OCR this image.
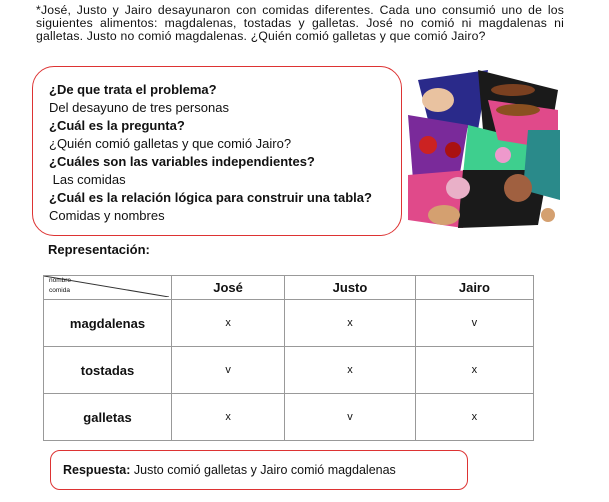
*José, Justo y Jairo desayunaron con comidas diferentes. Cada uno consumió uno de los siguientes alimentos: magdalenas, tostadas y galletas. José no comió ni magdalenas ni galletas. Justo no comió magdalenas. ¿Quién comió galletas y que comió Jairo?
¿De que trata el problema?
Del desayuno de tres personas
¿Cuál es la pregunta?
¿Quién comió galletas y que comió Jairo?
¿Cuáles son las variables independientes?
Las comidas
¿Cuál es la relación lógica para construir una tabla?
Comidas y nombres
Representación:
nombre
comida	José	Justo	Jairo
magdalenas	x	x	v
tostadas	v	x	x
galletas	x	v	x
Respuesta: Justo comió galletas y Jairo comió magdalenas
